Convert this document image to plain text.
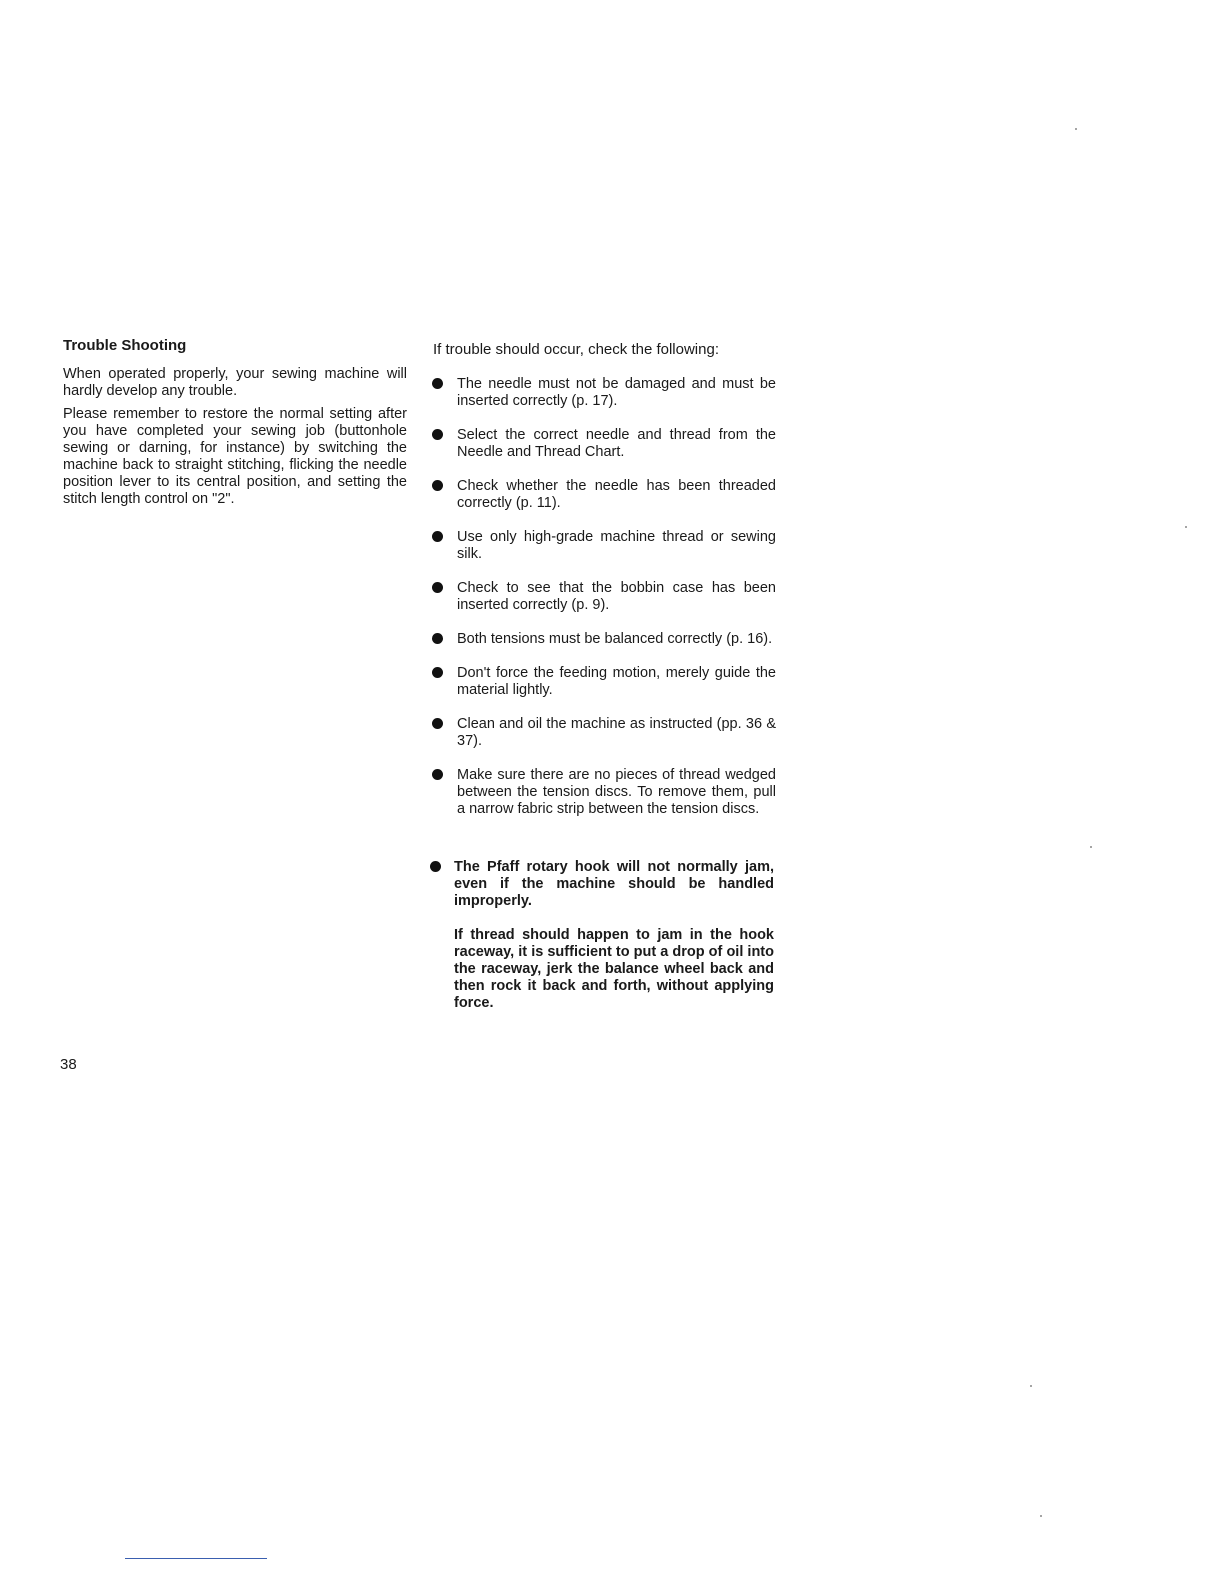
Trouble Shooting

When operated properly, your sewing machine will hardly develop any trouble.

Please remember to restore the normal setting after you have completed your sewing job (buttonhole sewing or darning, for instance) by switching the machine back to straight stitching, flicking the needle position lever to its central position, and setting the stitch length control on "2".

If trouble should occur, check the following:
The needle must not be damaged and must be inserted correctly (p. 17).
Select the correct needle and thread from the Needle and Thread Chart.
Check whether the needle has been threaded correctly (p. 11).
Use only high-grade machine thread or sewing silk.
Check to see that the bobbin case has been inserted correctly (p. 9).
Both tensions must be balanced correctly (p. 16).
Don't force the feeding motion, merely guide the material lightly.
Clean and oil the machine as instructed (pp. 36 & 37).
Make sure there are no pieces of thread wedged between the tension discs. To remove them, pull a narrow fabric strip between the tension discs.

The Pfaff rotary hook will not normally jam, even if the machine should be handled improperly.

If thread should happen to jam in the hook raceway, it is sufficient to put a drop of oil into the raceway, jerk the balance wheel back and then rock it back and forth, without applying force.

38
